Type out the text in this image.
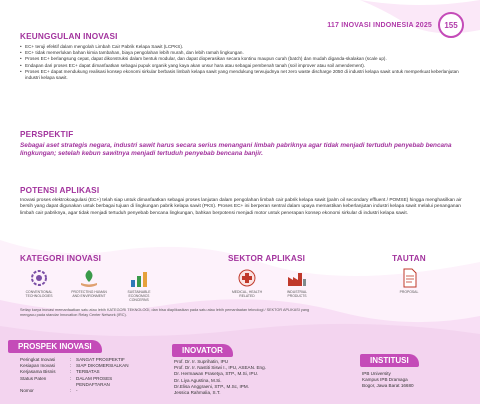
117 INOVASI INDONESIA 2025	155
KEUNGGULAN INOVASI
• EC+ teruji efektif dalam mengolah Limbah Cair Pabrik Kelapa Sawit (LCPKS).
• EC+ tidak memerlukan bahan kimia tambahan, biaya pengolahan lebih murah, dan lebih ramah lingkungan.
• Proses EC+ berlangsung cepat, dapat dikonstruksi dalam bentuk modular, dan dapat dioperasikan secara kontinu maupun curah (batch) dan mudah diganda-skalakan (scale up).
• Endapan dari proses EC+ dapat dimanfaatkan sebagai pupuk organik yang kaya akan unsur hara atau sebagai pembenah tanah (soil improver atau soil amendement).
• Proses EC+ dapat mendukung realisasi konsep ekonomi sirkular berbasis limbah kelapa sawit yang mendukung terwujudnya net zero waste discharge 2050 di industri kelapa sawit untuk memperkuat keberlanjutan industri kelapa sawit.
PERSPEKTIF
Sebagai aset strategis negara, industri sawit harus secara serius menangani limbah pabriknya agar tidak menjadi tertuduh penyebab bencana lingkungan; setelah kebun sawitnya menjadi tertuduh penyebab bencana banjir.
POTENSI APLIKASI
Inovasi proses elektrokoagulasi (EC+) telah siap untuk dimanfaatkan sebagai proses lanjutan dalam pengolahan limbah cair pabrik kelapa sawit (palm oil secondary effluent / POMSE) hingga menghasilkan air bersih yang dapat digunakan untuk berbagai tujuan di lingkungan pabrik kelapa sawit (PKS). Proses EC+ ini berperan sentral dalam upaya memastikan keberlanjutan industri kelapa sawit melalui penanganan limbah cair pabriknya, agar tidak menjadi tertuduh penyebab bencana lingkungan, bahkan berpotensi menjadi motor untuk penerapan konsep ekonomi sirkular di industri kelapa sawit.
KATEGORI INOVASI
CONVENTIONAL TECHNOLOGIES
PROTECTING HUMAN AND ENVIRONMENT
SUSTAINABLE ECONOMICS CONCERNS
SEKTOR APLIKASI
MEDICAL, HEALTH RELATED
INDUSTRIAL PRODUCTS
TAUTAN
PROPOSAL
Setiap karya inovasi memanfaatkan satu atau lebih KATEGORI TEKNOLOGI, dan bisa diaplikasikan pada satu atau lebih pemanfaatan teknologi / SEKTOR APLIKASI yang mengacu pada standar Innovation Relay Center Network (IRC).
PROSPEK INOVASI
Peringkat Inovasi	:	SANGAT PROSPEKTIF
Kesiapan Inovasi	:	SIAP DIKOMERSIALKAN
Kerjasama Bisnis	:	TERBATAS
Status Paten	:	DALAM PROSES PENDAFTARAN
Nomor	:	-
INOVATOR
Prof. Dr. Ir. Suprihatin, IPU
Prof. Dr. Ir. Nastiti Siswi I., IPU, ASEAN. Eng.
Dr. Hermawan Prasetya, STP., M.Si, IPU.
Dr. Liya Agustina, M.Si.
Dr.Elisa Anggraeni, STP., M.Sc, IPM.
Jessica Rahmalia, S.T.
INSTITUSI
IPB University
Kampus IPB Dramaga
Bogor, Jawa Barat 16680
